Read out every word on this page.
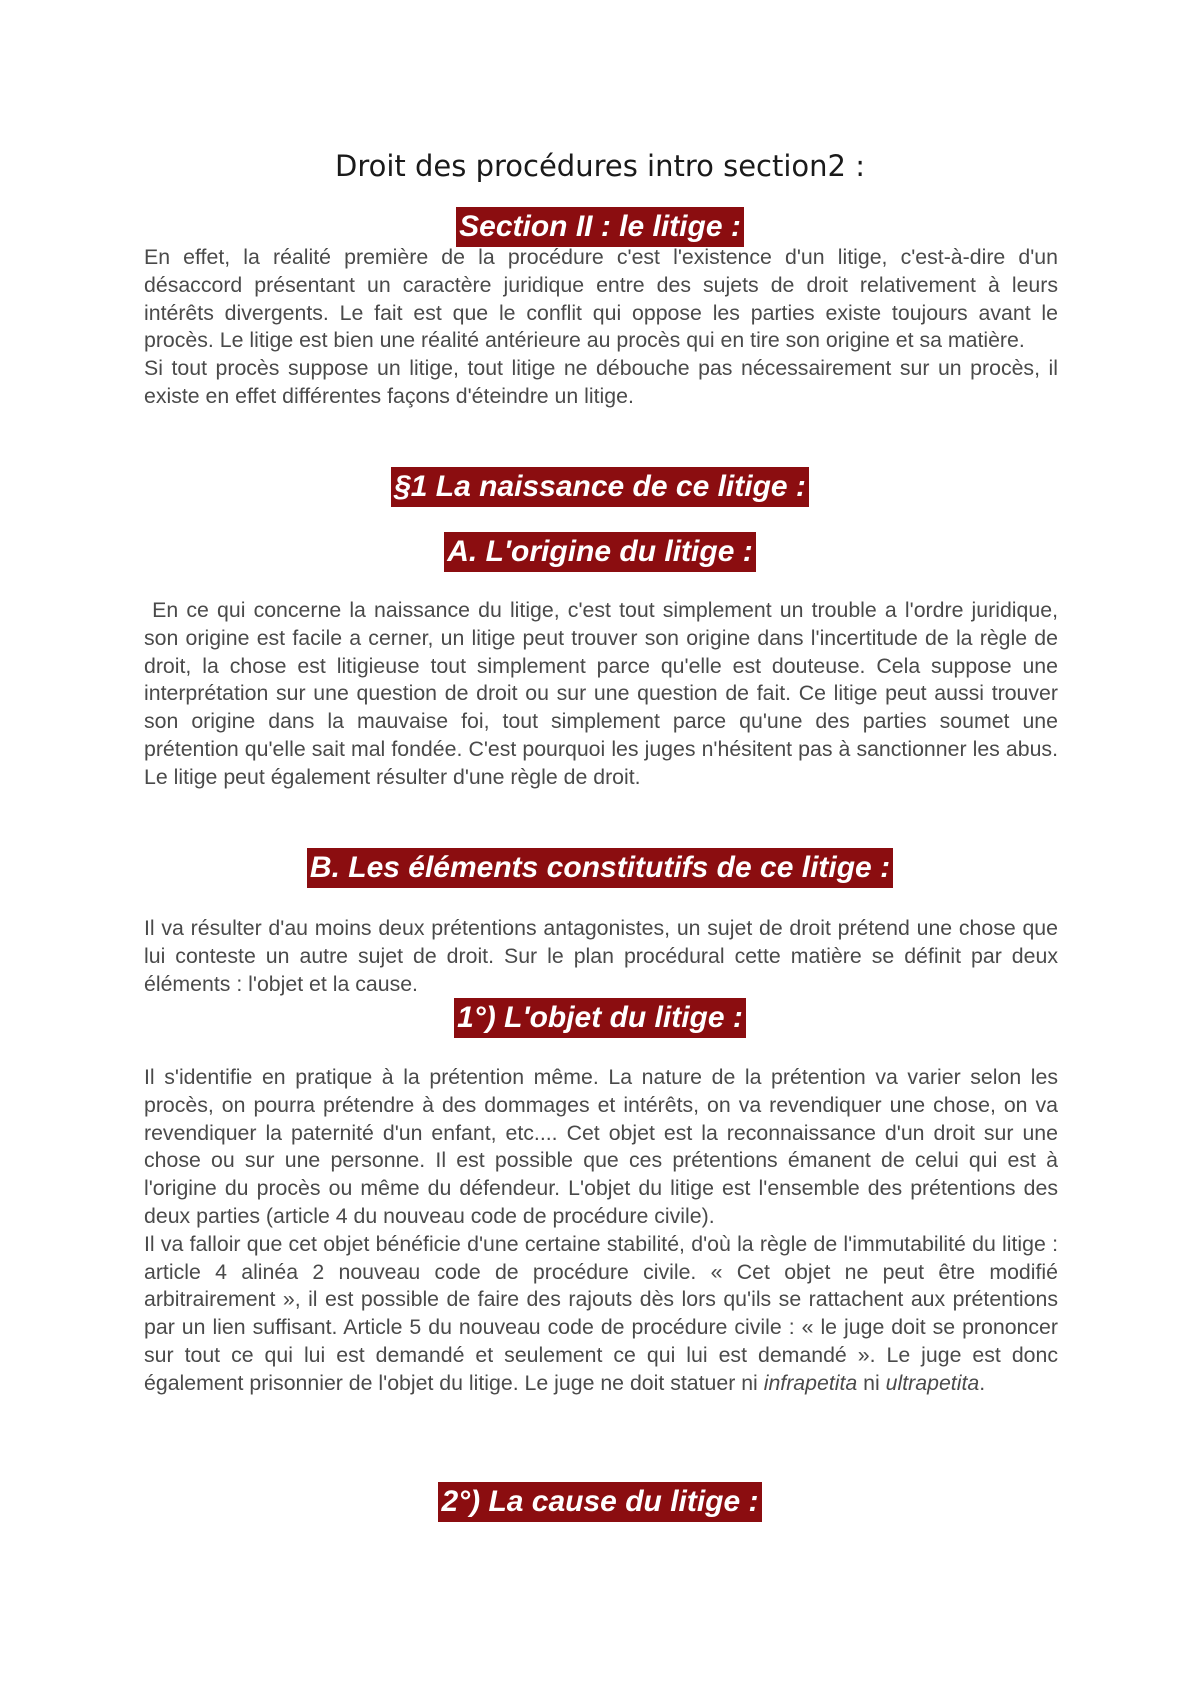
Droit des procédures intro section2 :
Section II : le litige :

En effet, la réalité première de la procédure c'est l'existence d'un litige, c'est-à-dire d'un désaccord présentant un caractère juridique entre des sujets de droit relativement à leurs intérêts divergents. Le fait est que le conflit qui oppose les parties existe toujours avant le procès. Le litige est bien une réalité antérieure au procès qui en tire son origine et sa matière.

Si tout procès suppose un litige, tout litige ne débouche pas nécessairement sur un procès, il existe en effet différentes façons d'éteindre un litige.

§1 La naissance de ce litige :
A. L'origine du litige :

En ce qui concerne la naissance du litige, c'est tout simplement un trouble a l'ordre juridique, son origine est facile a cerner, un litige peut trouver son origine dans l'incertitude de la règle de droit, la chose est litigieuse tout simplement parce qu'elle est douteuse. Cela suppose une interprétation sur une question de droit ou sur une question de fait. Ce litige peut aussi trouver son origine dans la mauvaise foi, tout simplement parce qu'une des parties soumet une prétention qu'elle sait mal fondée. C'est pourquoi les juges n'hésitent pas à sanctionner les abus. Le litige peut également résulter d'une règle de droit.

B. Les éléments constitutifs de ce litige :

Il va résulter d'au moins deux prétentions antagonistes, un sujet de droit prétend une chose que lui conteste un autre sujet de droit. Sur le plan procédural cette matière se définit par deux éléments : l'objet et la cause.

1°) L'objet du litige :

Il s'identifie en pratique à la prétention même. La nature de la prétention va varier selon les procès, on pourra prétendre à des dommages et intérêts, on va revendiquer une chose, on va revendiquer la paternité d'un enfant, etc.... Cet objet est la reconnaissance d'un droit sur une chose ou sur une personne. Il est possible que ces prétentions émanent de celui qui est à l'origine du procès ou même du défendeur. L'objet du litige est l'ensemble des prétentions des deux parties (article 4 du nouveau code de procédure civile).

Il va falloir que cet objet bénéficie d'une certaine stabilité, d'où la règle de l'immutabilité du litige : article 4 alinéa 2 nouveau code de procédure civile. « Cet objet ne peut être modifié arbitrairement », il est possible de faire des rajouts dès lors qu'ils se rattachent aux prétentions par un lien suffisant. Article 5 du nouveau code de procédure civile : « le juge doit se prononcer sur tout ce qui lui est demandé et seulement ce qui lui est demandé ». Le juge est donc également prisonnier de l'objet du litige. Le juge ne doit statuer ni infrapetita ni ultrapetita.

2°) La cause du litige :
